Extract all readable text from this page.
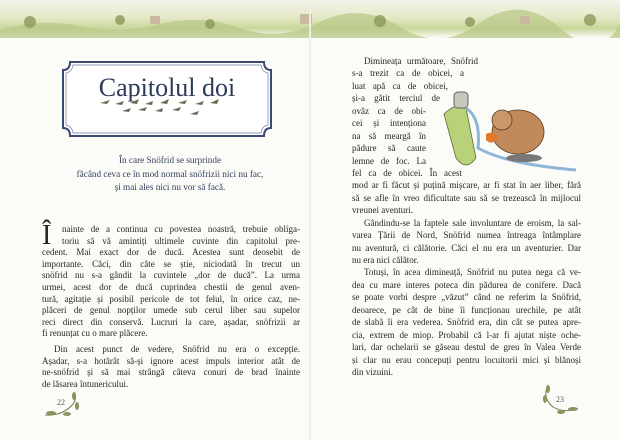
Capitolul doi
În care Snöfrid se surprinde
făcând ceva ce în mod normal snöfrizii nici nu fac,
și mai ales nici nu vor să facă.
Î	nainte de a continua cu povestea noastră, trebuie obliga-
toriu să vă amintiți ultimele cuvinte din capitolul pre-
cedent. Mai exact dor de ducă. Acestea sunt deosebit de
importante. Căci, din câte se știe, niciodată în trecut un
snöfrid nu s-a gândit la cuvintele „dor de ducă”. La urma
urmei, acest dor de ducă cuprindea chestii de genul aven-
tură, agitație și posibil pericole de tot felul, în orice caz, ne-
plăceri de genul nopților umede sub cerul liber sau supelor
reci direct din conservă. Lucruri la care, așadar, snöfrizii ar
fi renunțat cu o mare plăcere.
Din acest punct de vedere, Snöfrid nu era o excepție.
Așadar, s-a hotărât să-și ignore acest impuls interior atât de
ne-snöfrid și să mai strângă câteva conuri de brad înainte
de lăsarea întunericului.
22
Dimineața următoare, Snöfrid
s-a trezit ca de obicei, a
luat apă ca de obicei,
și-a gătit terciul de
ovăz ca de obi-
cei și intenționa
na să meargă în
pădure să caute
lemne de foc. La
fel ca de obicei. În acest
mod ar fi făcut și puțină mișcare, ar fi stat în aer liber, fără
să se afle în vreo dificultate sau să se trezească în mijlocul
vreunei aventuri.
Gândindu-se la faptele sale involuntare de eroism, la sal-
varea Țării de Nord, Snöfrid numea întreaga întâmplare
nu aventură, ci călătorie. Căci el nu era un aventurier. Dar
nu era nici călător.
Totuși, în acea dimineață, Snöfrid nu putea nega că ve-
dea cu mare interes poteca din pădurea de conifere. Dacă
se poate vorbi despre „văzut” când ne referim la Snöfrid,
deoarece, pe cât de bine îi funcționau urechile, pe atât
de slabă îi era vederea. Snöfrid era, din cât se putea apre-
cia, extrem de miop. Probabil că l-ar fi ajutat niște oche-
lari, dar ochelarii se găseau destul de greu în Valea Verde
și clar nu erau concepuți pentru locuitorii mici și blănoși
din vizuini.
23
